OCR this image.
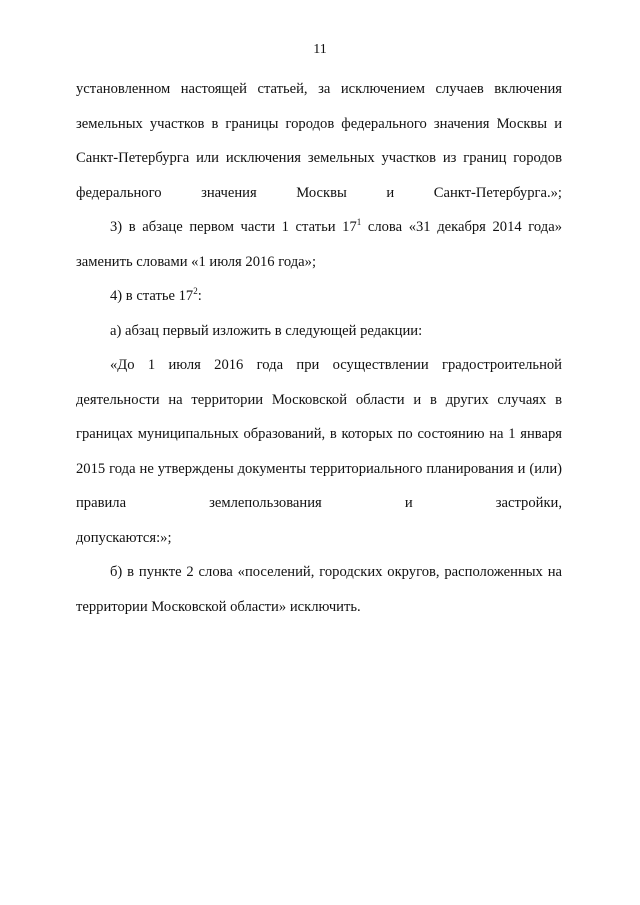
11

установленном настоящей статьей, за исключением случаев включения земельных участков в границы городов федерального значения Москвы и Санкт-Петербурга или исключения земельных участков из границ городов федерального значения Москвы и Санкт-Петербурга.»;

3) в абзаце первом части 1 статьи $17^1$ слова «31 декабря 2014 года» заменить словами «1 июля 2016 года»;

4) в статье $17^2$:

а) абзац первый изложить в следующей редакции:

«До 1 июля 2016 года при осуществлении градостроительной деятельности на территории Московской области и в других случаях в границах муниципальных образований, в которых по состоянию на 1 января 2015 года не утверждены документы территориального планирования и (или) правила землепользования и застройки,

допускаются:»;

б) в пункте 2 слова «поселений, городских округов, расположенных на территории Московской области» исключить.
